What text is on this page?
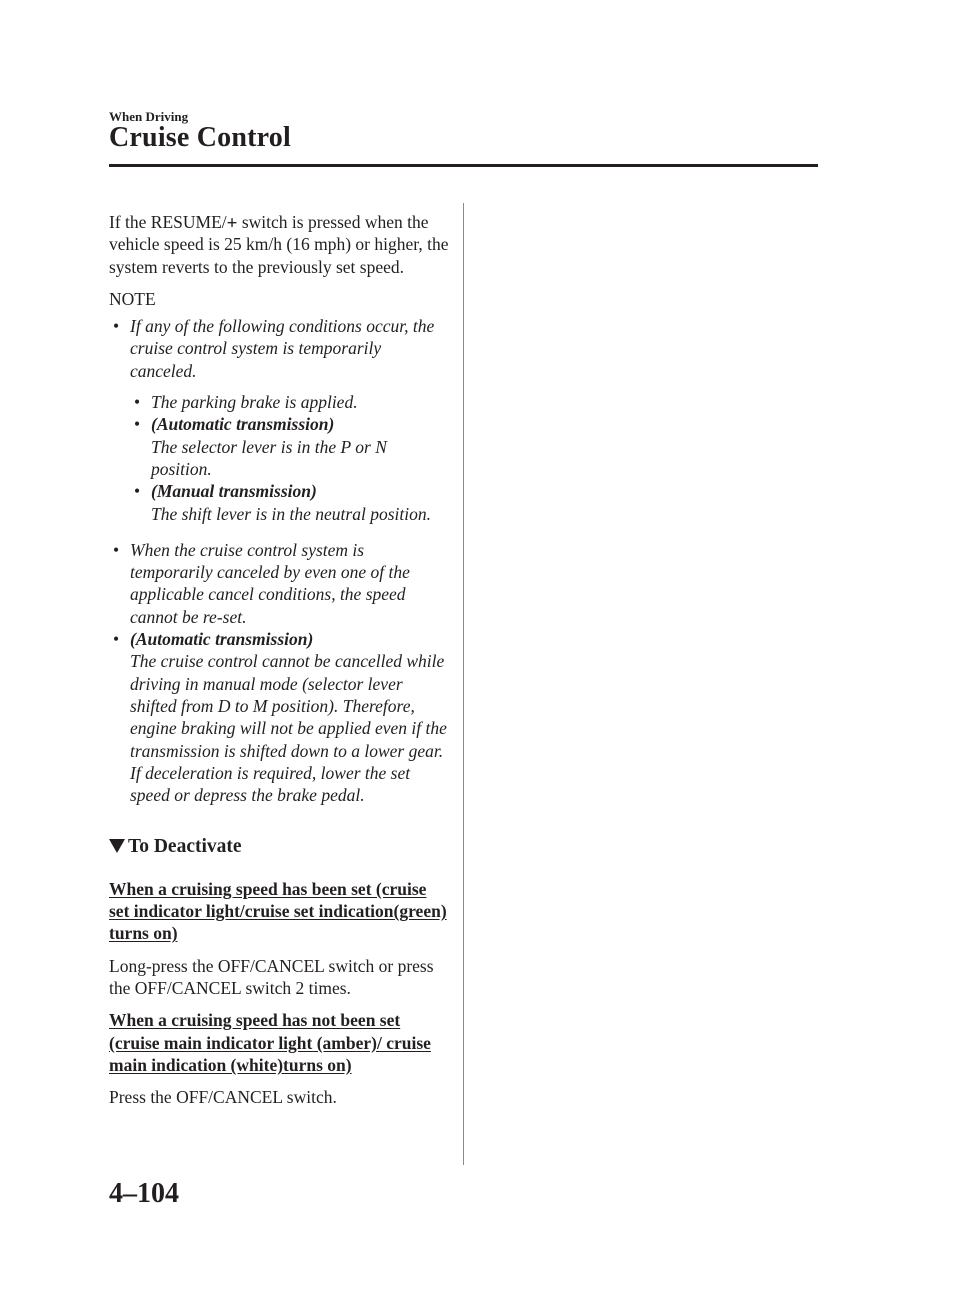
When Driving
Cruise Control

If the RESUME/+ switch is pressed when the vehicle speed is 25 km/h (16 mph) or higher, the system reverts to the previously set speed.

NOTE

• If any of the following conditions occur, the cruise control system is temporarily canceled.
• The parking brake is applied.
• (Automatic transmission)
The selector lever is in the P or N position.
• (Manual transmission)
The shift lever is in the neutral position.
• When the cruise control system is temporarily canceled by even one of the applicable cancel conditions, the speed cannot be re-set.
• (Automatic transmission)
The cruise control cannot be cancelled while driving in manual mode (selector lever shifted from D to M position). Therefore, engine braking will not be applied even if the transmission is shifted down to a lower gear. If deceleration is required, lower the set speed or depress the brake pedal.

To Deactivate

When a cruising speed has been set (cruise set indicator light/cruise set indication(green) turns on)

Long-press the OFF/CANCEL switch or press the OFF/CANCEL switch 2 times.

When a cruising speed has not been set (cruise main indicator light (amber)/ cruise main indication (white)turns on)

Press the OFF/CANCEL switch.

4–104
